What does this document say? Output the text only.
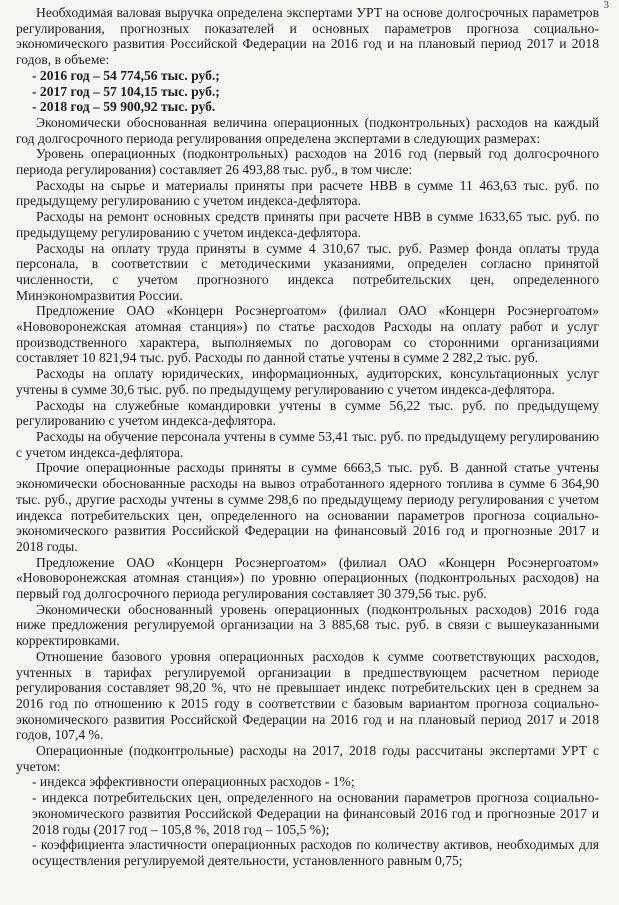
3

Необходимая валовая выручка определена экспертами УРТ на основе долгосрочных параметров регулирования, прогнозных показателей и основных параметров прогноза социально-экономического развития Российской Федерации на 2016 год и на плановый период 2017 и 2018 годов, в объеме:

- 2016 год – 54 774,56 тыс. руб.;

- 2017 год – 57 104,15 тыс. руб.;

- 2018 год – 59 900,92 тыс. руб.

Экономически обоснованная величина операционных (подконтрольных) расходов на каждый год долгосрочного периода регулирования определена экспертами в следующих размерах:

Уровень операционных (подконтрольных) расходов на 2016 год (первый год долгосрочного периода регулирования) составляет 26 493,88 тыс. руб., в том числе:

Расходы на сырье и материалы приняты при расчете НВВ в сумме 11 463,63 тыс. руб. по предыдущему регулированию с учетом индекса-дефлятора.

Расходы на ремонт основных средств приняты при расчете НВВ в сумме 1633,65 тыс. руб. по предыдущему регулированию с учетом индекса-дефлятора.

Расходы на оплату труда приняты в сумме 4 310,67 тыс. руб. Размер фонда оплаты труда персонала, в соответствии с методическими указаниями, определен согласно принятой численности, с учетом прогнозного индекса потребительских цен, определенного Минэкономразвития России.

Предложение ОАО «Концерн Росэнергоатом» (филиал ОАО «Концерн Росэнергоатом» «Нововоронежская атомная станция») по статье расходов Расходы на оплату работ и услуг производственного характера, выполняемых по договорам со сторонними организациями составляет 10 821,94 тыс. руб. Расходы по данной статье учтены в сумме 2 282,2 тыс. руб.

Расходы на оплату юридических, информационных, аудиторских, консультационных услуг учтены в сумме 30,6 тыс. руб. по предыдущему регулированию с учетом индекса-дефлятора.

Расходы на служебные командировки учтены в сумме 56,22 тыс. руб. по предыдущему регулированию с учетом индекса-дефлятора.

Расходы на обучение персонала учтены в сумме 53,41 тыс. руб. по предыдущему регулированию с учетом индекса-дефлятора.

Прочие операционные расходы приняты в сумме 6663,5 тыс. руб. В данной статье учтены экономически обоснованные расходы на вывоз отработанного ядерного топлива в сумме 6 364,90 тыс. руб., другие расходы учтены в сумме 298,6 по предыдущему периоду регулирования с учетом индекса потребительских цен, определенного на основании параметров прогноза социально-экономического развития Российской Федерации на финансовый 2016 год и прогнозные 2017 и 2018 годы.

Предложение ОАО «Концерн Росэнергоатом» (филиал ОАО «Концерн Росэнергоатом» «Нововоронежская атомная станция») по уровню операционных (подконтрольных расходов) на первый год долгосрочного периода регулирования составляет 30 379,56 тыс. руб.

Экономически обоснованный уровень операционных (подконтрольных расходов) 2016 года ниже предложения регулируемой организации на 3 885,68 тыс. руб. в связи с вышеуказанными корректировками.

Отношение базового уровня операционных расходов к сумме соответствующих расходов, учтенных в тарифах регулируемой организации в предшествующем расчетном периоде регулирования составляет 98,20 %, что не превышает индекс потребительских цен в среднем за 2016 год по отношению к 2015 году в соответствии с базовым вариантом прогноза социально-экономического развития Российской Федерации на 2016 год и на плановый период 2017 и 2018 годов, 107,4 %.

Операционные (подконтрольные) расходы на 2017, 2018 годы рассчитаны экспертами УРТ с учетом:

- индекса эффективности операционных расходов - 1%;

- индекса потребительских цен, определенного на основании параметров прогноза социально-экономического развития Российской Федерации на финансовый 2016 год и прогнозные 2017 и 2018 годы (2017 год – 105,8 %, 2018 год – 105,5 %);

- коэффициента эластичности операционных расходов по количеству активов, необходимых для осуществления регулируемой деятельности, установленного равным 0,75;
